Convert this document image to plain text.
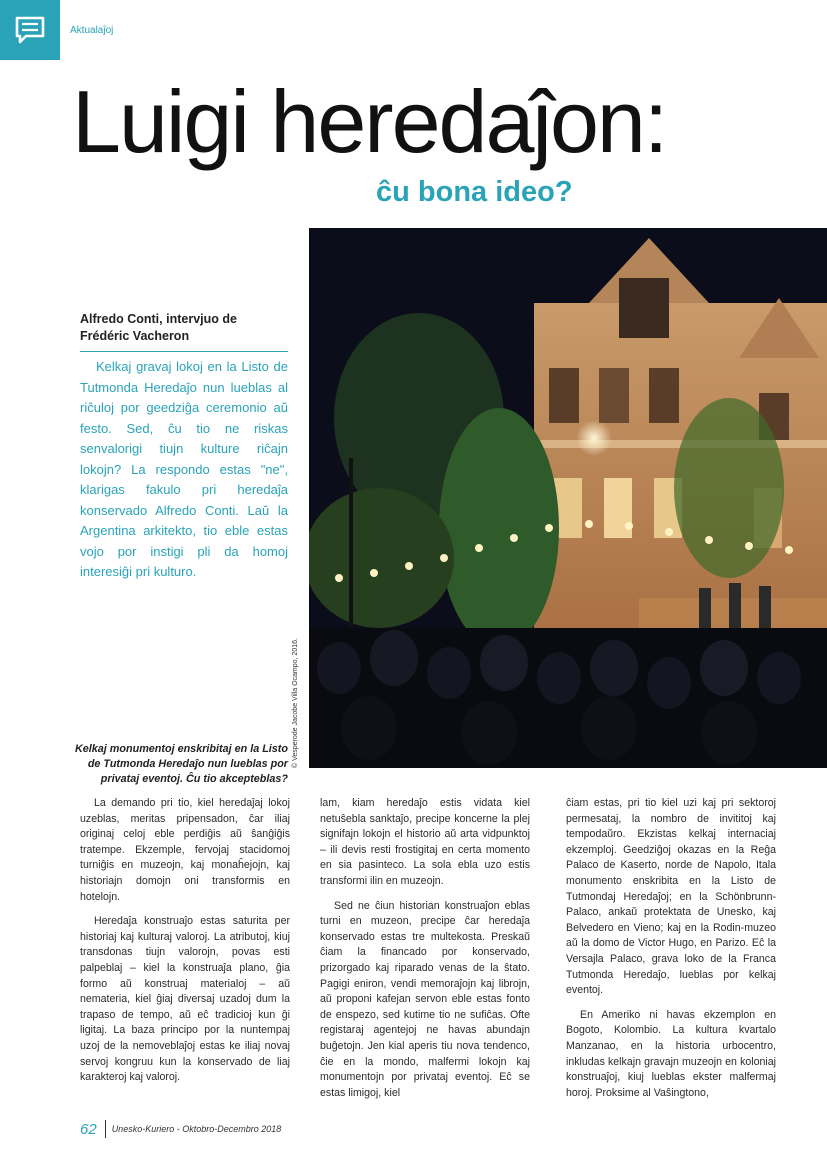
Aktualaĵoj
Luigi heredaĵon:
ĉu bona ideo?
© Vesperode Jacobe Villa Ocampo, 2016.
Alfredo Conti, intervjuo de Frédéric Vacheron

Kelkaj gravaj lokoj en la Listo de Tutmonda Heredaĵo nun lueblas al riĉuloj por geedziĝa ceremonio aŭ festo. Sed, ĉu tio ne riskas senvalorigi tiujn kulture riĉajn lokojn? La respondo estas "ne", klarigas fakulo pri heredaĵa konservado Alfredo Conti. Laŭ la Argentina arkitekto, tio eble estas vojo por instigi pli da homoj interesiĝi pri kulturo.

Kelkaj monumentoj enskribitaj en la Listo de Tutmonda Heredaĵo nun lueblas por privataj eventoj. Ĉu tio akcepteblas?

La demando pri tio, kiel heredaĵaj lokoj uzeblas, meritas pripensadon, ĉar iliaj originaj celoj eble perdiĝis aŭ ŝanĝiĝis tratempe. Ekzemple, fervojaj stacidomoj turniĝis en muzeojn, kaj monaĥejojn, kaj historiajn domojn oni transformis en hotelojn.

Heredaĵa konstruaĵo estas saturita per historiaj kaj kulturaj valoroj. La atributoj, kiuj transdonas tiujn valorojn, povas esti palpeblaj – kiel la konstruaĵa plano, ĝia formo aŭ konstruaj materialoj – aŭ nemateria, kiel ĝiaj diversaj uzadoj dum la trapaso de tempo, aŭ eĉ tradicioj kun ĝi ligitaj. La baza principo por la nuntempaj uzoj de la nemoveblaĵoj estas ke iliaj novaj servoj kongruu kun la konservado de liaj karakteroj kaj valoroj.

lam, kiam heredaĵo estis vidata kiel netuŝebla sanktaĵo, precipe koncerne la plej signifajn lokojn el historio aŭ arta vidpunktoj – ili devis resti frostigitaj en certa momento en sia pasinteco. La sola ebla uzo estis transformi ilin en muzeojn.

Sed ne ĉiun historian konstruaĵon eblas turni en muzeon, precipe ĉar heredaĵa konservado estas tre multekosta. Preskaŭ ĉiam la financado por konservado, prizorgado kaj riparado venas de la ŝtato. Pagigi eniron, vendi memoraĵojn kaj librojn, aŭ proponi kafejan servon eble estas fonto de enspezo, sed kutime tio ne sufiĉas. Ofte registaraj agentejoj ne havas abundajn buĝetojn. Jen kial aperis tiu nova tendenco, ĉie en la mondo, malfermi lokojn kaj monumentojn por privataj eventoj. Eĉ se estas limigoj, kiel

ĉiam estas, pri tio kiel uzi kaj pri sektoroj permesataj, la nombro de invititoj kaj tempodaŭro. Ekzistas kelkaj internaciaj ekzemploj. Geedziĝoj okazas en la Reĝa Palaco de Kaserto, norde de Napolo, Itala monumento enskribita en la Listo de Tutmondaj Heredaĵoj; en la Schönbrunn-Palaco, ankaŭ protektata de Unesko, kaj Belvedero en Vieno; kaj en la Rodin-muzeo aŭ la domo de Victor Hugo, en Parizo. Eĉ la Versajla Palaco, grava loko de la Franca Tutmonda Heredaĵo, lueblas por kelkaj eventoj.

En Ameriko ni havas ekzemplon en Bogoto, Kolombio. La kultura kvartalo Manzanao, en la historia urbocentro, inkludas kelkajn gravajn muzeojn en koloniaj konstruaĵoj, kiuj lueblas ekster malfermaj horoj. Proksime al Vaŝingtono,

62 Unesko-Kuriero - Oktobro-Decembro 2018
